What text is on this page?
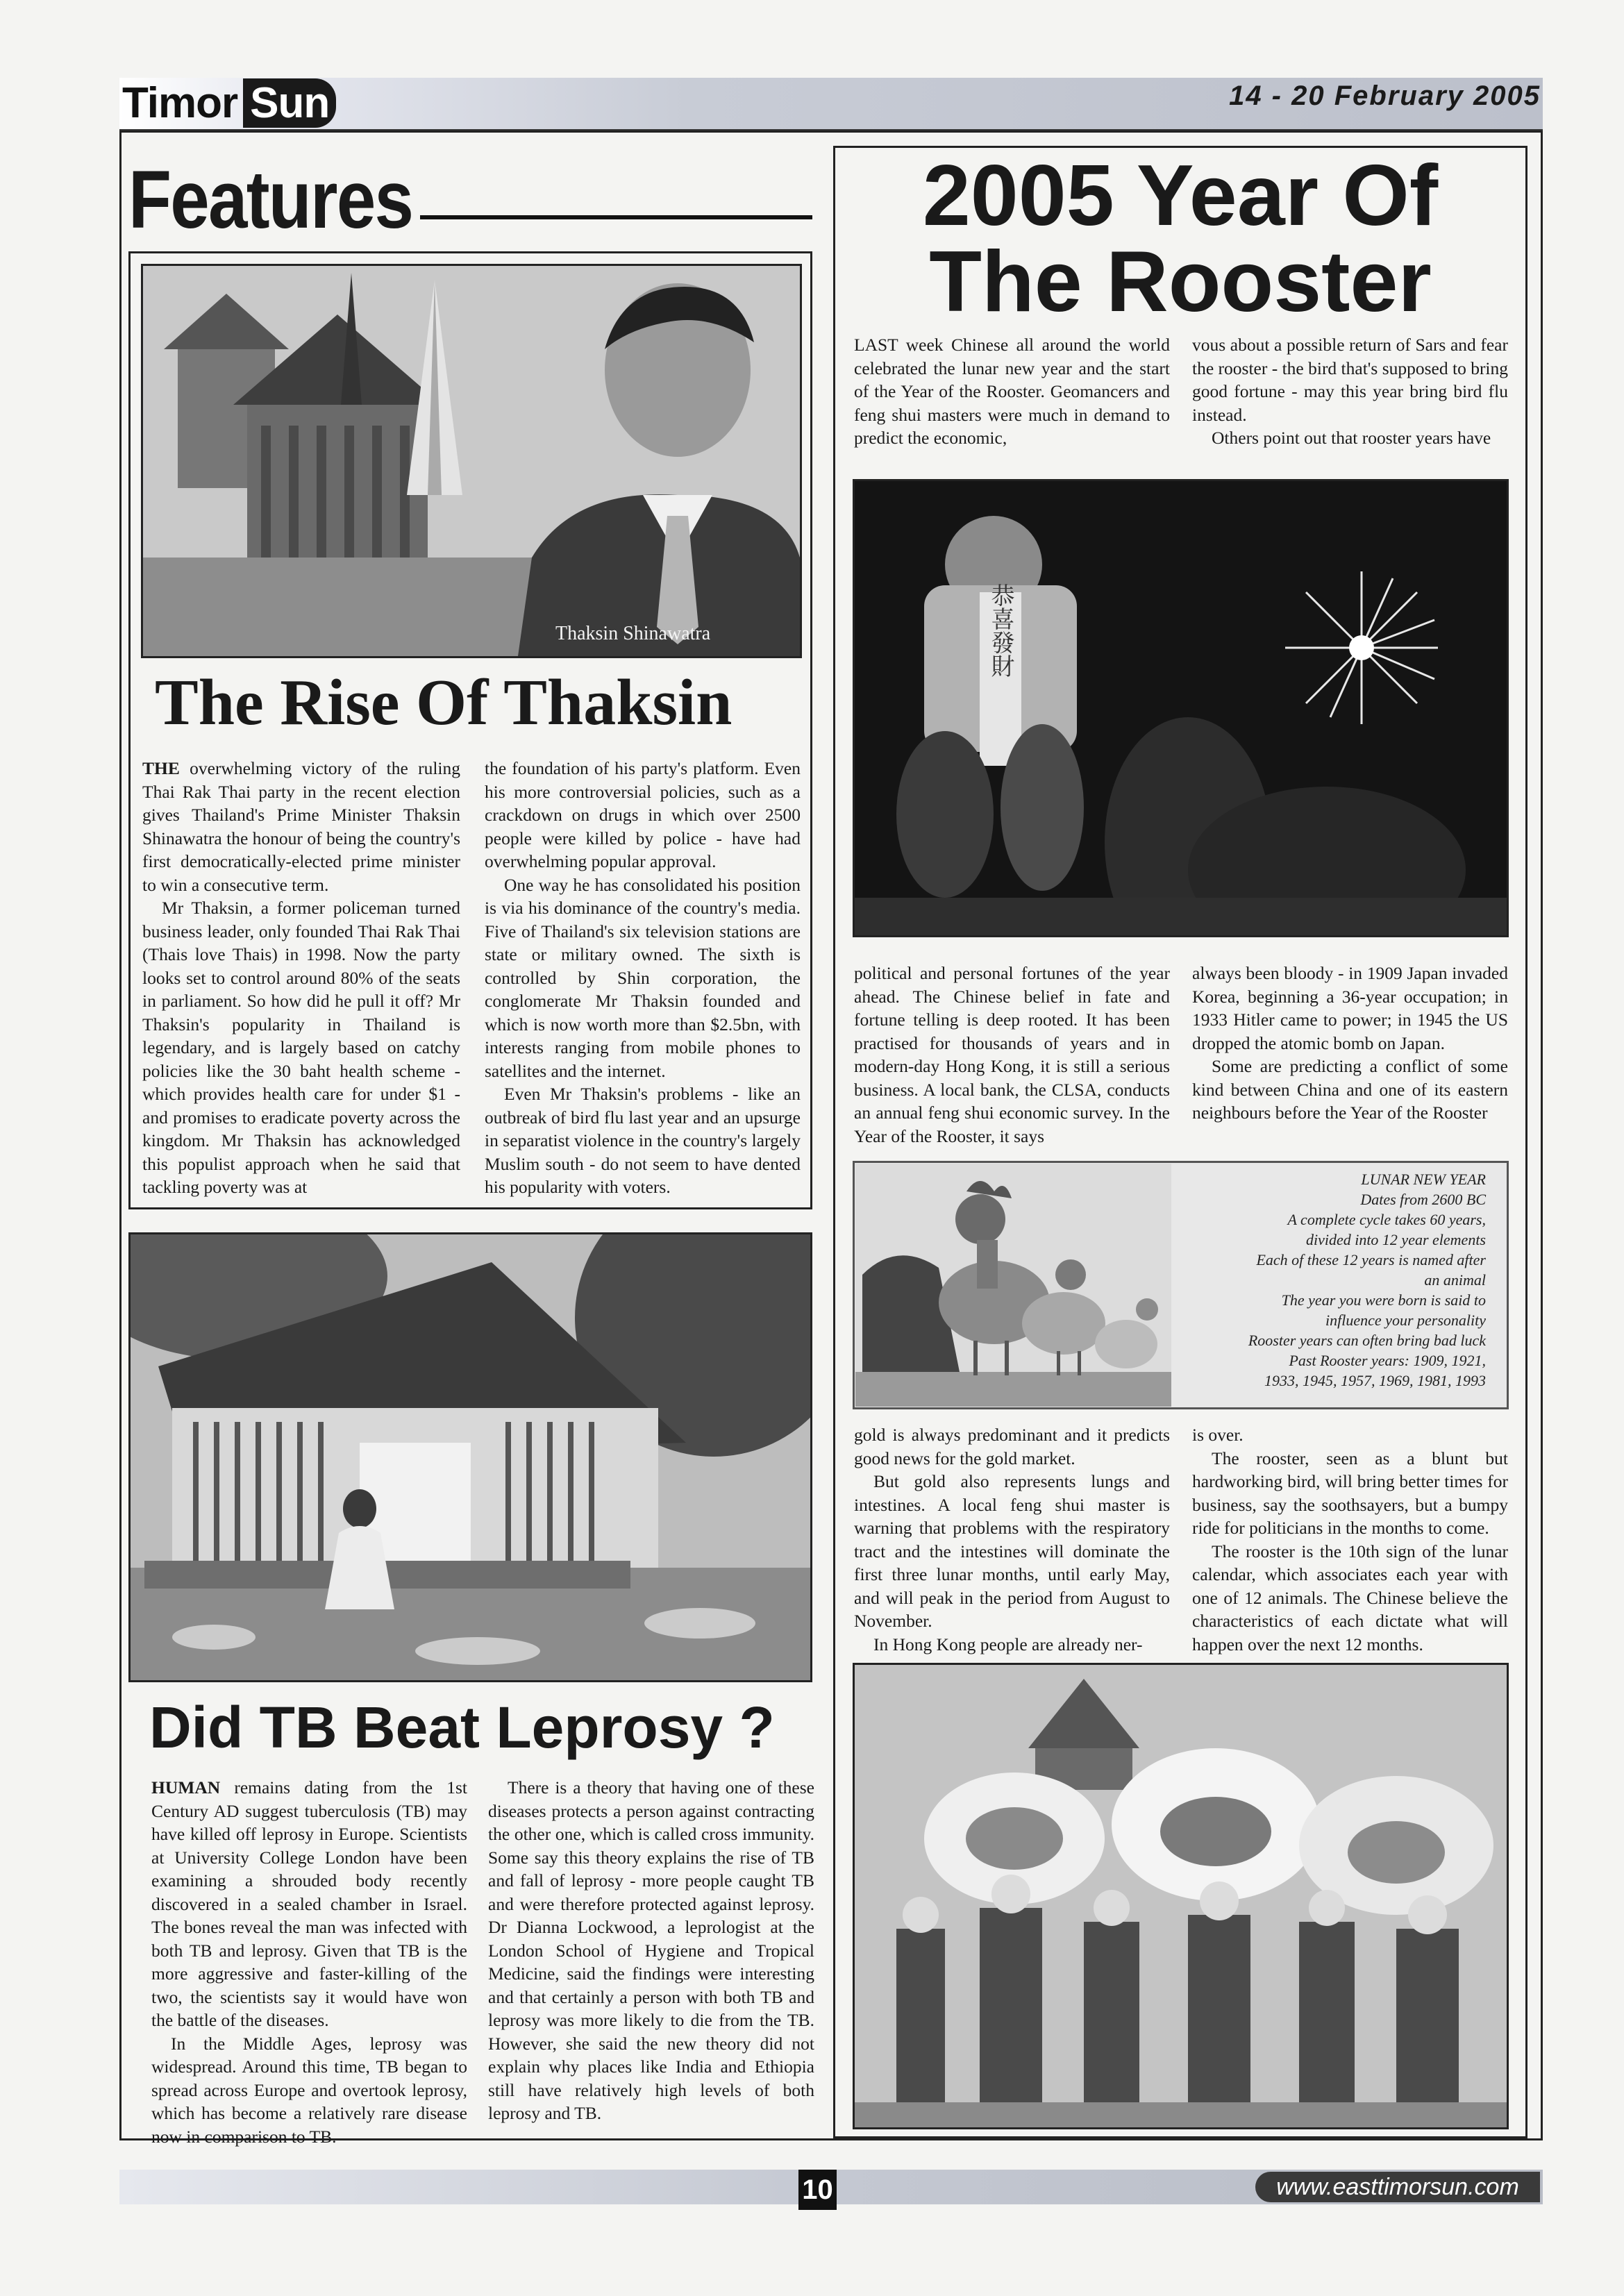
Timor Sun	14 - 20 February 2005
Features
Thaksin Shinawatra
The Rise Of Thaksin

THE overwhelming victory of the ruling Thai Rak Thai party in the recent election gives Thailand's Prime Minister Thaksin Shinawatra the honour of being the country's first democratically-elected prime minister to win a consecutive term.

Mr Thaksin, a former policeman turned business leader, only founded Thai Rak Thai (Thais love Thais) in 1998. Now the party looks set to control around 80% of the seats in parliament. So how did he pull it off? Mr Thaksin's popularity in Thailand is legendary, and is largely based on catchy policies like the 30 baht health scheme - which provides health care for under $1 - and promises to eradicate poverty across the kingdom. Mr Thaksin has acknowledged this populist approach when he said that tackling poverty was at

the foundation of his party's platform. Even his more controversial policies, such as a crackdown on drugs in which over 2500 people were killed by police - have had overwhelming popular approval.

One way he has consolidated his position is via his dominance of the country's media. Five of Thailand's six television stations are state or military owned. The sixth is controlled by Shin corporation, the conglomerate Mr Thaksin founded and which is now worth more than $2.5bn, with interests ranging from mobile phones to satellites and the internet.

Even Mr Thaksin's problems - like an outbreak of bird flu last year and an upsurge in separatist violence in the country's largely Muslim south - do not seem to have dented his popularity with voters.

Did TB Beat Leprosy ?

HUMAN remains dating from the 1st Century AD suggest tuberculosis (TB) may have killed off leprosy in Europe. Scientists at University College London have been examining a shrouded body recently discovered in a sealed chamber in Israel. The bones reveal the man was infected with both TB and leprosy. Given that TB is the more aggressive and faster-killing of the two, the scientists say it would have won the battle of the diseases.

In the Middle Ages, leprosy was widespread. Around this time, TB began to spread across Europe and overtook leprosy, which has become a relatively rare disease now in comparison to TB.

There is a theory that having one of these diseases protects a person against contracting the other one, which is called cross immunity. Some say this theory explains the rise of TB and fall of leprosy - more people caught TB and were therefore protected against leprosy. Dr Dianna Lockwood, a leprologist at the London School of Hygiene and Tropical Medicine, said the findings were interesting and that certainly a person with both TB and leprosy was more likely to die from the TB. However, she said the new theory did not explain why places like India and Ethiopia still have relatively high levels of both leprosy and TB.

2005 Year Of The Rooster

LAST week Chinese all around the world celebrated the lunar new year and the start of the Year of the Rooster. Geomancers and feng shui masters were much in demand to predict the economic,

vous about a possible return of Sars and fear the rooster - the bird that's supposed to bring good fortune - may this year bring bird flu instead.

Others point out that rooster years have

恭喜發財

political and personal fortunes of the year ahead. The Chinese belief in fate and fortune telling is deep rooted. It has been practised for thousands of years and in modern-day Hong Kong, it is still a serious business. A local bank, the CLSA, conducts an annual feng shui economic survey. In the Year of the Rooster, it says

always been bloody - in 1909 Japan invaded Korea, beginning a 36-year occupation; in 1933 Hitler came to power; in 1945 the US dropped the atomic bomb on Japan.

Some are predicting a conflict of some kind between China and one of its eastern neighbours before the Year of the Rooster

LUNAR NEW YEAR
Dates from 2600 BC
A complete cycle takes 60 years,
divided into 12 year elements
Each of these 12 years is named after
an animal
The year you were born is said to
influence your personality
Rooster years can often bring bad luck
Past Rooster years: 1909, 1921,
1933, 1945, 1957, 1969, 1981, 1993

gold is always predominant and it predicts good news for the gold market.

But gold also represents lungs and intestines. A local feng shui master is warning that problems with the respiratory tract and the intestines will dominate the first three lunar months, until early May, and will peak in the period from August to November.

In Hong Kong people are already ner-

is over.

The rooster, seen as a blunt but hardworking bird, will bring better times for business, say the soothsayers, but a bumpy ride for politicians in the months to come.

The rooster is the 10th sign of the lunar calendar, which associates each year with one of 12 animals. The Chinese believe the characteristics of each dictate what will happen over the next 12 months.

10	www.easttimorsun.com
